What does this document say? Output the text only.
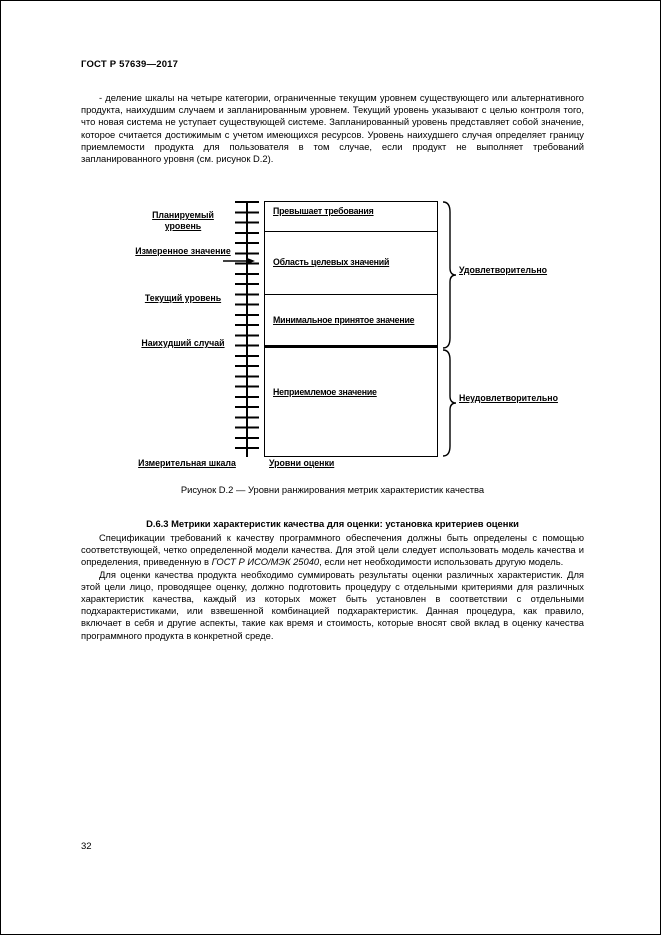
ГОСТ Р 57639—2017

- деление шкалы на четыре категории, ограниченные текущим уровнем существующего или альтернативного продукта, наихудшим случаем и запланированным уровнем. Текущий уровень указывают с целью контроля того, что новая система не уступает существующей системе. Запланированный уровень представляет собой значение, которое считается достижимым с учетом имеющихся ресурсов. Уровень наихудшего случая определяет границу приемлемости продукта для пользователя в том случае, если продукт не выполняет требований запланированного уровня (см. рисунок D.2).

Планируемый уровень
Измеренное значение
Текущий уровень
Наихудший случай
Превышает требования
Область целевых значений
Минимальное принятое значение
Неприемлемое значение
Удовлетворительно
Неудовлетворительно
Измерительная шкала	Уровни оценки
Рисунок D.2 — Уровни ранжирования метрик характеристик качества
D.6.3 Метрики характеристик качества для оценки: установка критериев оценки

Спецификации требований к качеству программного обеспечения должны быть определены с помощью соответствующей, четко определенной модели качества. Для этой цели следует использовать модель качества и определения, приведенную в ГОСТ Р ИСО/МЭК 25040, если нет необходимости использовать другую модель.

Для оценки качества продукта необходимо суммировать результаты оценки различных характеристик. Для этой цели лицо, проводящее оценку, должно подготовить процедуру с отдельными критериями для различных характеристик качества, каждый из которых может быть установлен в соответствии с отдельными подхарактеристиками, или взвешенной комбинацией подхарактеристик. Данная процедура, как правило, включает в себя и другие аспекты, такие как время и стоимость, которые вносят свой вклад в оценку качества программного продукта в конкретной среде.

32
